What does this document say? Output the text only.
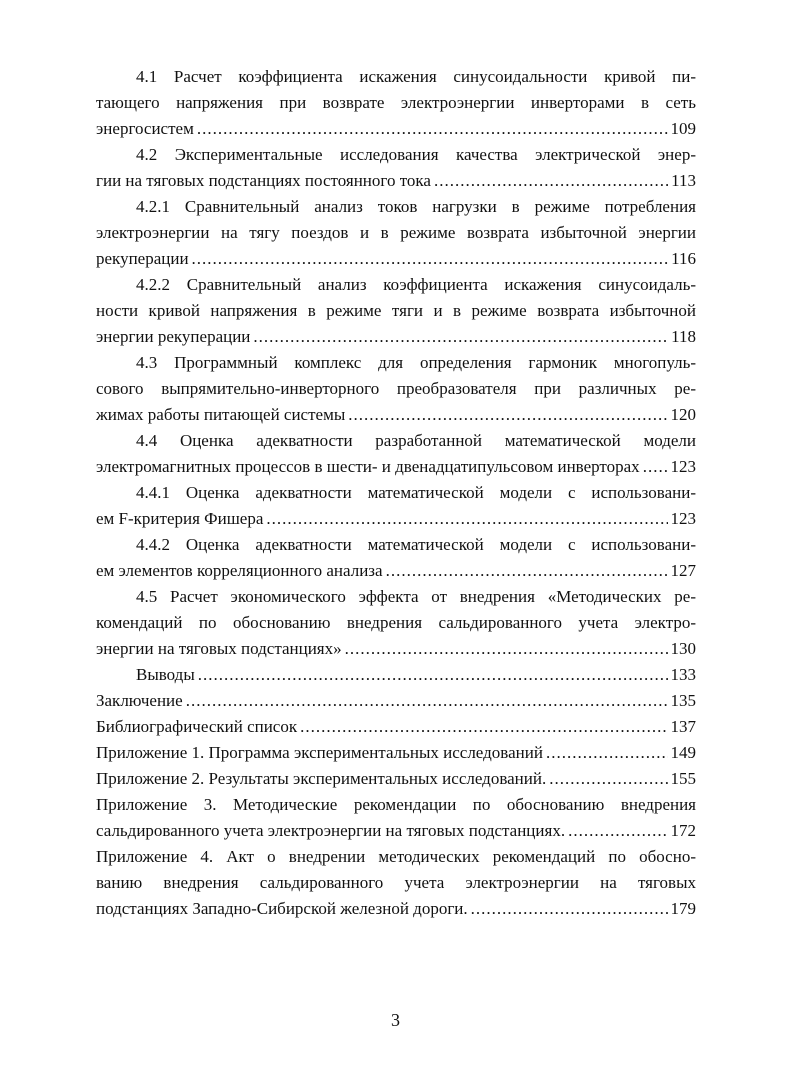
4.1 Расчет коэффициента искажения синусоидальности кривой пи-
тающего напряжения при возврате электроэнергии инверторами в сеть
энергосистем .....	109
4.2 Экспериментальные исследования качества электрической энер-
гии на тяговых подстанциях постоянного тока .....	113
4.2.1 Сравнительный анализ токов нагрузки в режиме потребления
электроэнергии на тягу поездов и в режиме возврата избыточной энергии
рекуперации .....	116
4.2.2 Сравнительный анализ коэффициента искажения синусоидаль-
ности кривой напряжения в режиме тяги и в режиме возврата избыточной
энергии рекуперации .....	118
4.3 Программный комплекс для определения гармоник многопуль-
сового выпрямительно-инверторного преобразователя при различных ре-
жимах работы питающей системы .....	120
4.4 Оценка адекватности разработанной математической модели
электромагнитных процессов в шести- и двенадцатипульсовом инверторах ..... 123
4.4.1 Оценка адекватности математической модели с использовани-
ем F-критерия Фишера .....	123
4.4.2 Оценка адекватности математической модели с использовани-
ем элементов корреляционного анализа .....	127
4.5 Расчет экономического эффекта от внедрения «Методических ре-
комендаций по обоснованию внедрения сальдированного учета электро-
энергии на тяговых подстанциях» .....	130
Выводы .....	133
Заключение .....	135
Библиографический список .....	137
Приложение 1. Программа экспериментальных исследований .....	149
Приложение 2. Результаты экспериментальных исследований. .....	155
Приложение 3. Методические рекомендации по обоснованию внедрения
сальдированного учета электроэнергии на тяговых подстанциях. .....	172
Приложение 4. Акт о внедрении методических рекомендаций по обосно-
ванию внедрения сальдированного учета электроэнергии на тяговых
подстанциях Западно-Сибирской железной дороги. .....	179
3
